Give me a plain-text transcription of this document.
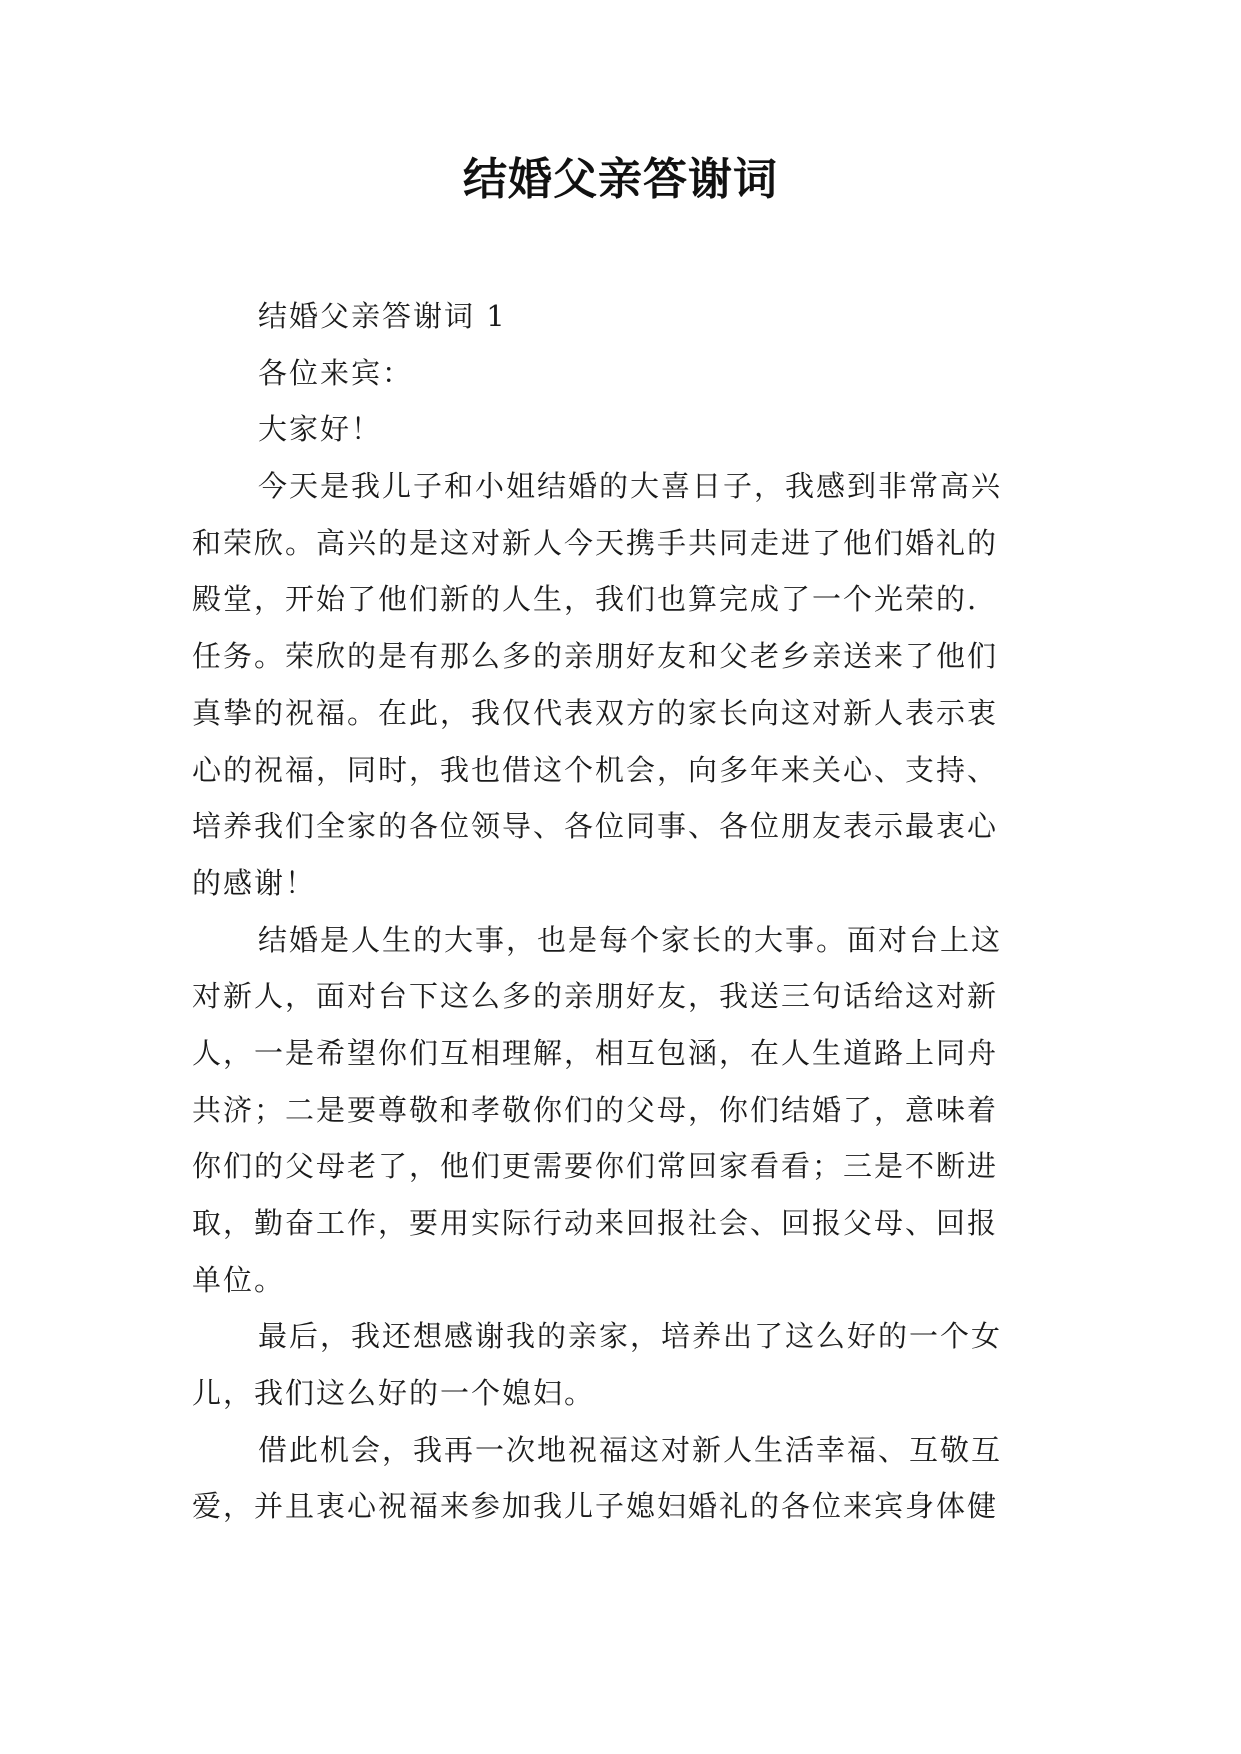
结婚父亲答谢词
结婚父亲答谢词 1
各位来宾：
大家好！
今天是我儿子和小姐结婚的大喜日子，我感到非常高兴
和荣欣。高兴的是这对新人今天携手共同走进了他们婚礼的
殿堂，开始了他们新的人生，我们也算完成了一个光荣的.
任务。荣欣的是有那么多的亲朋好友和父老乡亲送来了他们
真挚的祝福。在此，我仅代表双方的家长向这对新人表示衷
心的祝福，同时，我也借这个机会，向多年来关心、支持、
培养我们全家的各位领导、各位同事、各位朋友表示最衷心
的感谢！
结婚是人生的大事，也是每个家长的大事。面对台上这
对新人，面对台下这么多的亲朋好友，我送三句话给这对新
人，一是希望你们互相理解，相互包涵，在人生道路上同舟
共济；二是要尊敬和孝敬你们的父母，你们结婚了，意味着
你们的父母老了，他们更需要你们常回家看看；三是不断进
取，勤奋工作，要用实际行动来回报社会、回报父母、回报
单位。
最后，我还想感谢我的亲家，培养出了这么好的一个女
儿，我们这么好的一个媳妇。
借此机会，我再一次地祝福这对新人生活幸福、互敬互
爱，并且衷心祝福来参加我儿子媳妇婚礼的各位来宾身体健
